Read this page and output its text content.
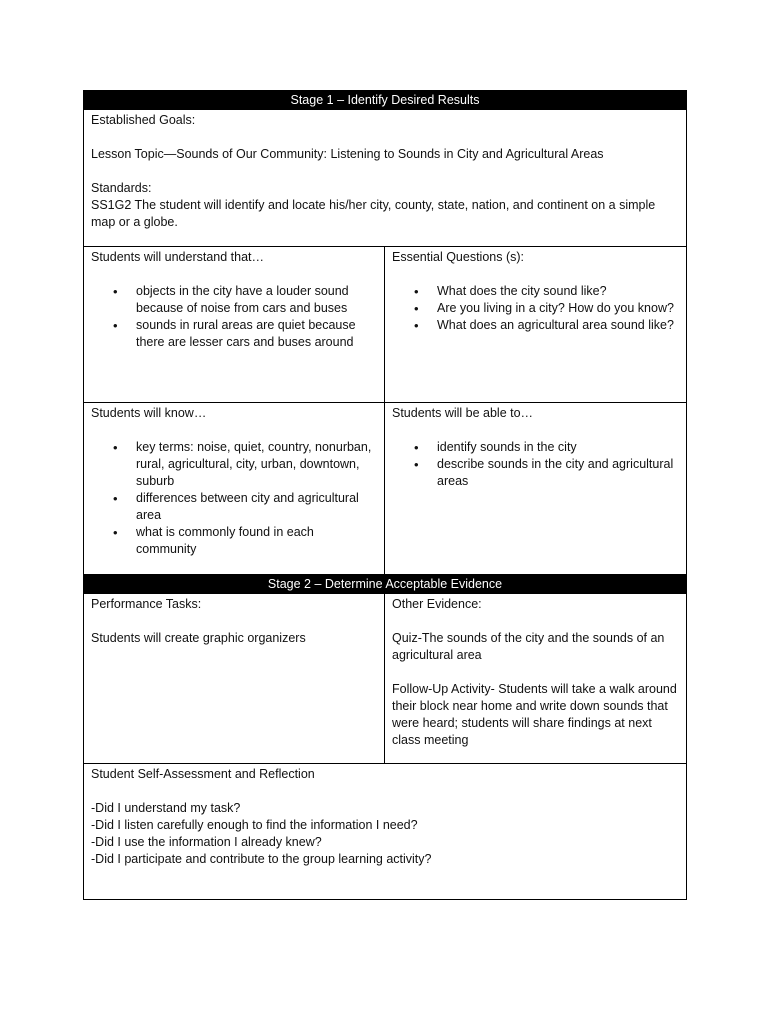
Stage 1 – Identify Desired Results

Established Goals:

Lesson Topic—Sounds of Our Community: Listening to Sounds in City and Agricultural Areas

Standards:

SS1G2 The student will identify and locate his/her city, county, state, nation, and continent on a simple map or a globe.

Students will understand that…

• objects in the city have a louder sound because of noise from cars and buses
• sounds in rural areas are quiet because there are lesser cars and buses around

Essential Questions (s):

• What does the city sound like?
• Are you living in a city? How do you know?
• What does an agricultural area sound like?

Students will know…

• key terms: noise, quiet, country, nonurban, rural, agricultural, city, urban, downtown, suburb
• differences between city and agricultural area
• what is commonly found in each community

Students will be able to…

• identify sounds in the city
• describe sounds in the city and agricultural areas
Stage 2 – Determine Acceptable Evidence

Performance Tasks:

Students will create graphic organizers

Other Evidence:

Quiz-The sounds of the city and the sounds of an agricultural area

Follow-Up Activity- Students will take a walk around their block near home and write down sounds that were heard; students will share findings at next class meeting

Student Self-Assessment and Reflection

-Did I understand my task?

-Did I listen carefully enough to find the information I need?

-Did I use the information I already knew?

-Did I participate and contribute to the group learning activity?
